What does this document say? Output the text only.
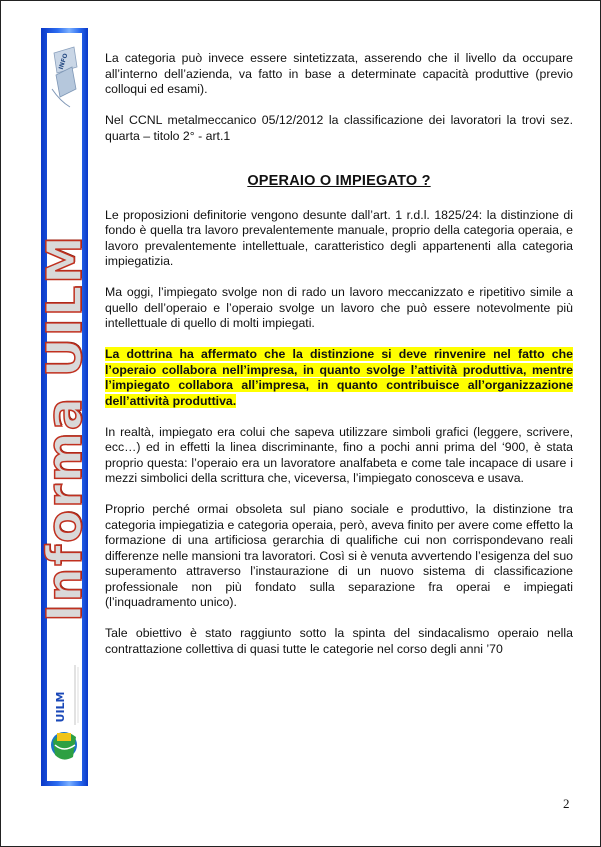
INFO
Informa UILM
UILM

La categoria può invece essere sintetizzata, asserendo che il livello da occupare all’interno dell’azienda, va fatto in base a determinate capacità produttive (previo colloqui ed esami).

Nel CCNL metalmeccanico 05/12/2012 la classificazione dei lavoratori la trovi sez. quarta – titolo 2° - art.1

OPERAIO O IMPIEGATO ?

Le proposizioni definitorie vengono desunte dall’art. 1 r.d.l. 1825/24: la distinzione di fondo è quella tra lavoro prevalentemente manuale, proprio della categoria operaia, e lavoro prevalentemente intellettuale, caratteristico degli appartenenti alla categoria impiegatizia.

Ma oggi, l’impiegato svolge non di rado un lavoro meccanizzato e ripetitivo simile a quello dell’operaio e l’operaio svolge un lavoro che può essere notevolmente più intellettuale di quello di molti impiegati.

La dottrina ha affermato che la distinzione si deve rinvenire nel fatto che l’operaio collabora nell’impresa, in quanto svolge l’attività produttiva, mentre l’impiegato collabora all’impresa, in quanto contribuisce all’organizzazione dell’attività produttiva.

In realtà, impiegato era colui che sapeva utilizzare simboli grafici (leggere, scrivere, ecc…) ed in effetti la linea discriminante, fino a pochi anni prima del ‘900, è stata proprio questa: l’operaio era un lavoratore analfabeta e come tale incapace di usare i mezzi simbolici della scrittura che, viceversa, l’impiegato conosceva e usava.

Proprio perché ormai obsoleta sul piano sociale e produttivo, la distinzione tra categoria impiegatizia e categoria operaia, però, aveva finito per avere come effetto la formazione di una artificiosa gerarchia di qualifiche cui non corrispondevano reali differenze nelle mansioni tra lavoratori. Così si è venuta avvertendo l’esigenza del suo superamento attraverso l’instaurazione di un nuovo sistema di classificazione professionale non più fondato sulla separazione fra operai e impiegati (l’inquadramento unico).

Tale obiettivo è stato raggiunto sotto la spinta del sindacalismo operaio nella contrattazione collettiva di quasi tutte le categorie nel corso degli anni ’70

2
